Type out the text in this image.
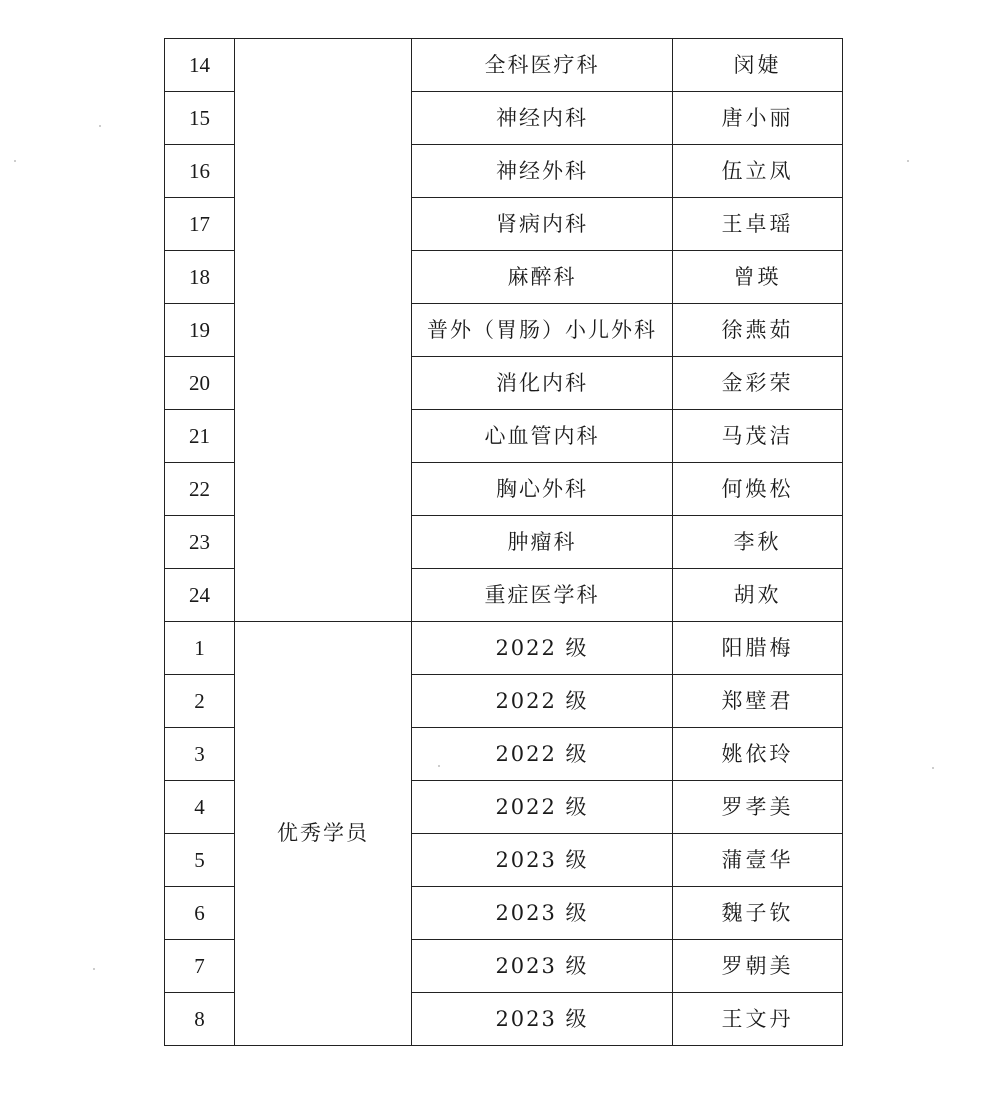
14		全科医疗科	闵婕
15		神经内科	唐小丽
16		神经外科	伍立凤
17		肾病内科	王卓瑶
18		麻醉科	曾瑛
19		普外（胃肠）小儿外科	徐燕茹
20		消化内科	金彩荣
21		心血管内科	马茂洁
22		胸心外科	何焕松
23		肿瘤科	李秋
24		重症医学科	胡欢
1	优秀学员	2022 级	阳腊梅
2		2022 级	郑壁君
3		2022 级	姚依玲
4		2022 级	罗孝美
5		2023 级	蒲壹华
6		2023 级	魏子钦
7		2023 级	罗朝美
8		2023 级	王文丹
